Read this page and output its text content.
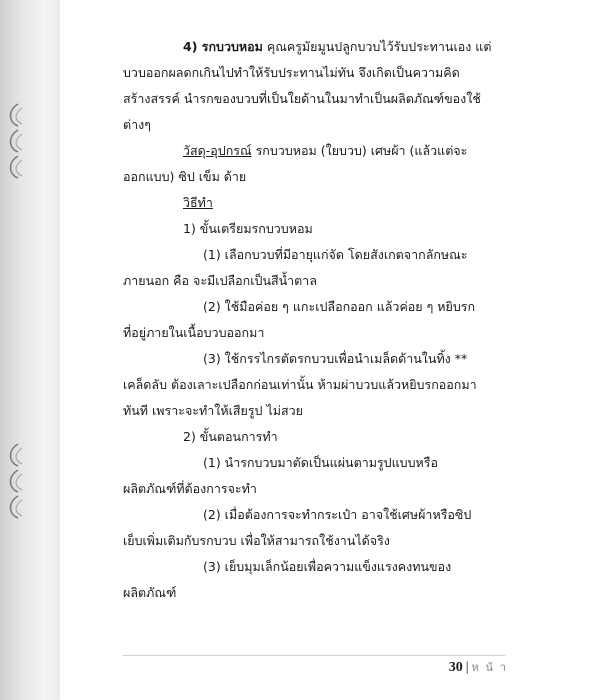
4) รกบวบหอม คุณครูมัยมูนปลูกบวบไว้รับประทานเอง แต่
บวบออกผลดกเกินไปทำให้รับประทานไม่ทัน จึงเกิดเป็นความคิด
สร้างสรรค์ นำรกของบวบที่เป็นใยด้านในมาทำเป็นผลิตภัณฑ์ของใช้
ต่างๆ
วัสดุ-อุปกรณ์ รกบวบหอม (ใยบวบ) เศษผ้า (แล้วแต่จะ
ออกแบบ) ซิป เข็ม ด้าย
วิธีทำ
1) ขั้นเตรียมรกบวบหอม
(1) เลือกบวบที่มีอายุแก่จัด โดยสังเกตจากลักษณะ
ภายนอก คือ จะมีเปลือกเป็นสีน้ำตาล
(2) ใช้มือค่อย ๆ แกะเปลือกออก แล้วค่อย ๆ หยิบรก
ที่อยู่ภายในเนื้อบวบออกมา
(3) ใช้กรรไกรตัดรกบวบเพื่อนำเมล็ดด้านในทิ้ง **
เคล็ดลับ ต้องเลาะเปลือกก่อนเท่านั้น ห้ามผ่าบวบแล้วหยิบรกออกมา
ทันที เพราะจะทำให้เสียรูป ไม่สวย
2) ขั้นตอนการทำ
(1) นำรกบวบมาตัดเป็นแผ่นตามรูปแบบหรือ
ผลิตภัณฑ์ที่ต้องการจะทำ
(2) เมื่อต้องการจะทำกระเป๋า อาจใช้เศษผ้าหรือซิป
เย็บเพิ่มเติมกับรกบวบ เพื่อให้สามารถใช้งานได้จริง
(3) เย็บมุมเล็กน้อยเพื่อความแข็งแรงคงทนของ
ผลิตภัณฑ์
30 | ห น้ า
